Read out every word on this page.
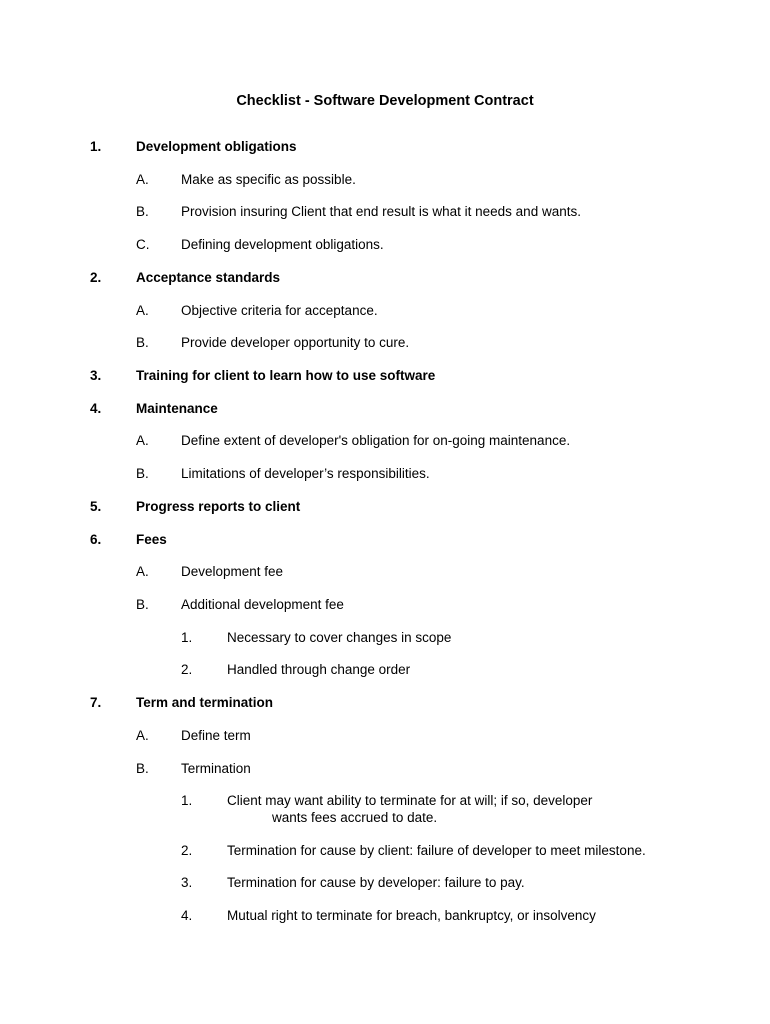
Checklist - Software Development Contract
1.	Development obligations
A. Make as specific as possible.
B. Provision insuring Client that end result is what it needs and wants.
C. Defining development obligations.
2.	Acceptance standards
A. Objective criteria for acceptance.
B. Provide developer opportunity to cure.
3.	Training for client to learn how to use software
4.	Maintenance
A. Define extent of developer's obligation for on-going maintenance.
B. Limitations of developer’s responsibilities.
5.	Progress reports to client
6.	Fees
A. Development fee
B. Additional development fee
1.	Necessary to cover changes in scope
2.	Handled through change order
7.	Term and termination
A. Define term
B. Termination
1.	Client may want ability to terminate for at will; if so, developer
wants fees accrued to date.
2.	Termination for cause by client: failure of developer to meet milestone.
3.	Termination for cause by developer: failure to pay.
4.	Mutual right to terminate for breach, bankruptcy, or insolvency
